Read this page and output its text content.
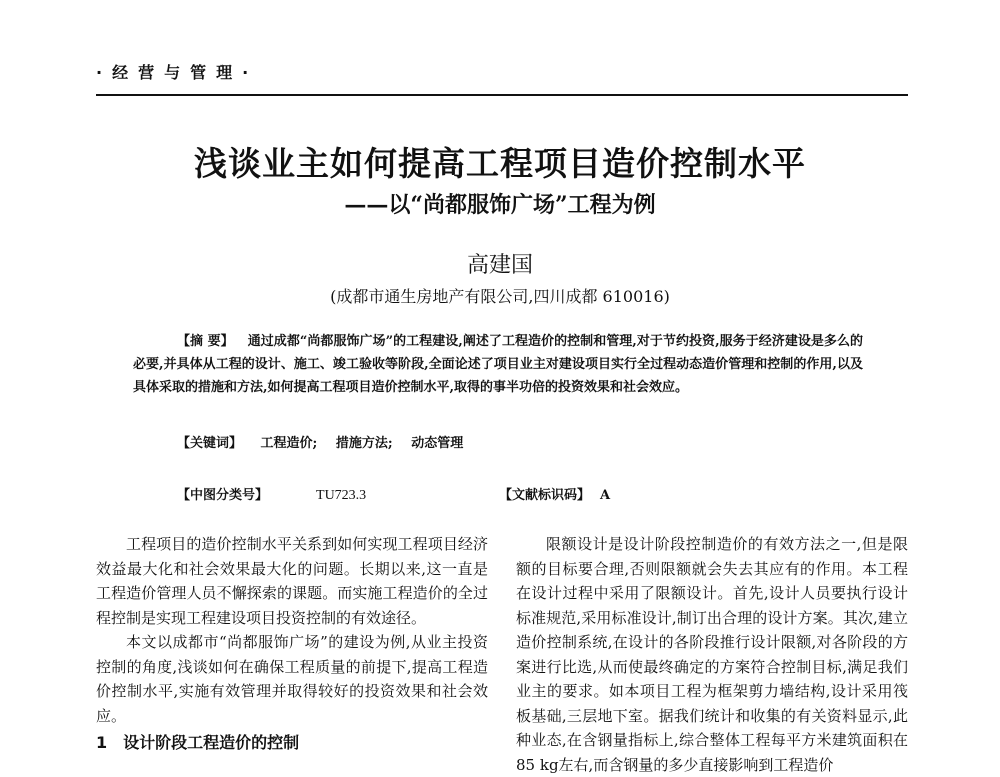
·经营与管理·
浅谈业主如何提高工程项目造价控制水平
——以“尚都服饰广场”工程为例
高建国
(成都市通生房地产有限公司,四川成都 610016)
【摘 要】 通过成都“尚都服饰广场”的工程建设,阐述了工程造价的控制和管理,对于节约投资,服务于经济建设是多么的必要,并具体从工程的设计、施工、竣工验收等阶段,全面论述了项目业主对建设项目实行全过程动态造价管理和控制的作用,以及具体采取的措施和方法,如何提高工程项目造价控制水平,取得的事半功倍的投资效果和社会效应。
【关键词】 工程造价; 措施方法; 动态管理
【中图分类号】	TU723.3	【文献标识码】 A

工程项目的造价控制水平关系到如何实现工程项目经济效益最大化和社会效果最大化的问题。长期以来,这一直是工程造价管理人员不懈探索的课题。而实施工程造价的全过程控制是实现工程建设项目投资控制的有效途径。

本文以成都市“尚都服饰广场”的建设为例,从业主投资控制的角度,浅谈如何在确保工程质量的前提下,提高工程造价控制水平,实施有效管理并取得较好的投资效果和社会效应。

1 设计阶段工程造价的控制

限额设计是设计阶段控制造价的有效方法之一,但是限额的目标要合理,否则限额就会失去其应有的作用。本工程在设计过程中采用了限额设计。首先,设计人员要执行设计标准规范,采用标准设计,制订出合理的设计方案。其次,建立造价控制系统,在设计的各阶段推行设计限额,对各阶段的方案进行比选,从而使最终确定的方案符合控制目标,满足我们业主的要求。如本项目工程为框架剪力墙结构,设计采用筏板基础,三层地下室。据我们统计和收集的有关资料显示,此种业态,在含钢量指标上,综合整体工程每平方米建筑面积在85 kg左右,而含钢量的多少直接影响到工程造价
